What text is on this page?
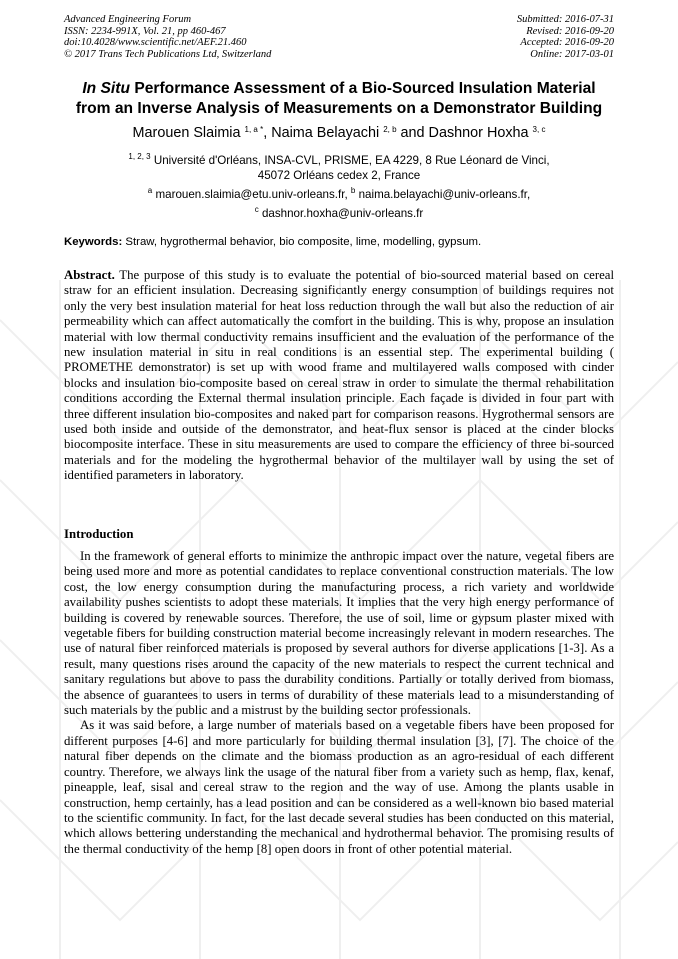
Advanced Engineering Forum
ISSN: 2234-991X, Vol. 21, pp 460-467
doi:10.4028/www.scientific.net/AEF.21.460
© 2017 Trans Tech Publications Ltd, Switzerland
Submitted: 2016-07-31
Revised: 2016-09-20
Accepted: 2016-09-20
Online: 2017-03-01
In Situ Performance Assessment of a Bio-Sourced Insulation Material
from an Inverse Analysis of Measurements on a Demonstrator Building
Marouen Slaimia $^{1, a *}$, Naima Belayachi $^{2, b}$ and Dashnor Hoxha $^{3, c}$
$^{1, 2, 3}$ Université d'Orléans, INSA-CVL, PRISME, EA 4229, 8 Rue Léonard de Vinci,
45072 Orléans cedex 2, France
$^a$ marouen.slaimia@etu.univ-orleans.fr, $^b$ naima.belayachi@univ-orleans.fr,
$^c$ dashnor.hoxha@univ-orleans.fr
Keywords: Straw, hygrothermal behavior, bio composite, lime, modelling, gypsum.
Abstract. The purpose of this study is to evaluate the potential of bio-sourced material based on cereal straw for an efficient insulation. Decreasing significantly energy consumption of buildings requires not only the very best insulation material for heat loss reduction through the wall but also the reduction of air permeability which can affect automatically the comfort in the building. This is why, propose an insulation material with low thermal conductivity remains insufficient and the evaluation of the performance of the new insulation material in situ in real conditions is an essential step. The experimental building ( PROMETHE demonstrator) is set up with wood frame and multilayered walls composed with cinder blocks and insulation bio-composite based on cereal straw in order to simulate the thermal rehabilitation conditions according the External thermal insulation principle. Each façade is divided in four part with three different insulation bio-composites and naked part for comparison reasons. Hygrothermal sensors are used both inside and outside of the demonstrator, and heat-flux sensor is placed at the cinder blocks biocomposite interface. These in situ measurements are used to compare the efficiency of three bi-sourced materials and for the modeling the hygrothermal behavior of the multilayer wall by using the set of identified parameters in laboratory.
Introduction

In the framework of general efforts to minimize the anthropic impact over the nature, vegetal fibers are being used more and more as potential candidates to replace conventional construction materials. The low cost, the low energy consumption during the manufacturing process, a rich variety and worldwide availability pushes scientists to adopt these materials. It implies that the very high energy performance of building is covered by renewable sources. Therefore, the use of soil, lime or gypsum plaster mixed with vegetable fibers for building construction material become increasingly relevant in modern researches. The use of natural fiber reinforced materials is proposed by several authors for diverse applications [1-3]. As a result, many questions rises around the capacity of the new materials to respect the current technical and sanitary regulations but above to pass the durability conditions. Partially or totally derived from biomass, the absence of guarantees to users in terms of durability of these materials lead to a misunderstanding of such materials by the public and a mistrust by the building sector professionals.

As it was said before, a large number of materials based on a vegetable fibers have been proposed for different purposes [4-6] and more particularly for building thermal insulation [3], [7]. The choice of the natural fiber depends on the climate and the biomass production as an agro-residual of each different country. Therefore, we always link the usage of the natural fiber from a variety such as hemp, flax, kenaf, pineapple, leaf, sisal and cereal straw to the region and the way of use. Among the plants usable in construction, hemp certainly, has a lead position and can be considered as a well-known bio based material to the scientific community. In fact, for the last decade several studies has been conducted on this material, which allows bettering understanding the mechanical and hydrothermal behavior. The promising results of the thermal conductivity of the hemp [8] open doors in front of other potential material.
